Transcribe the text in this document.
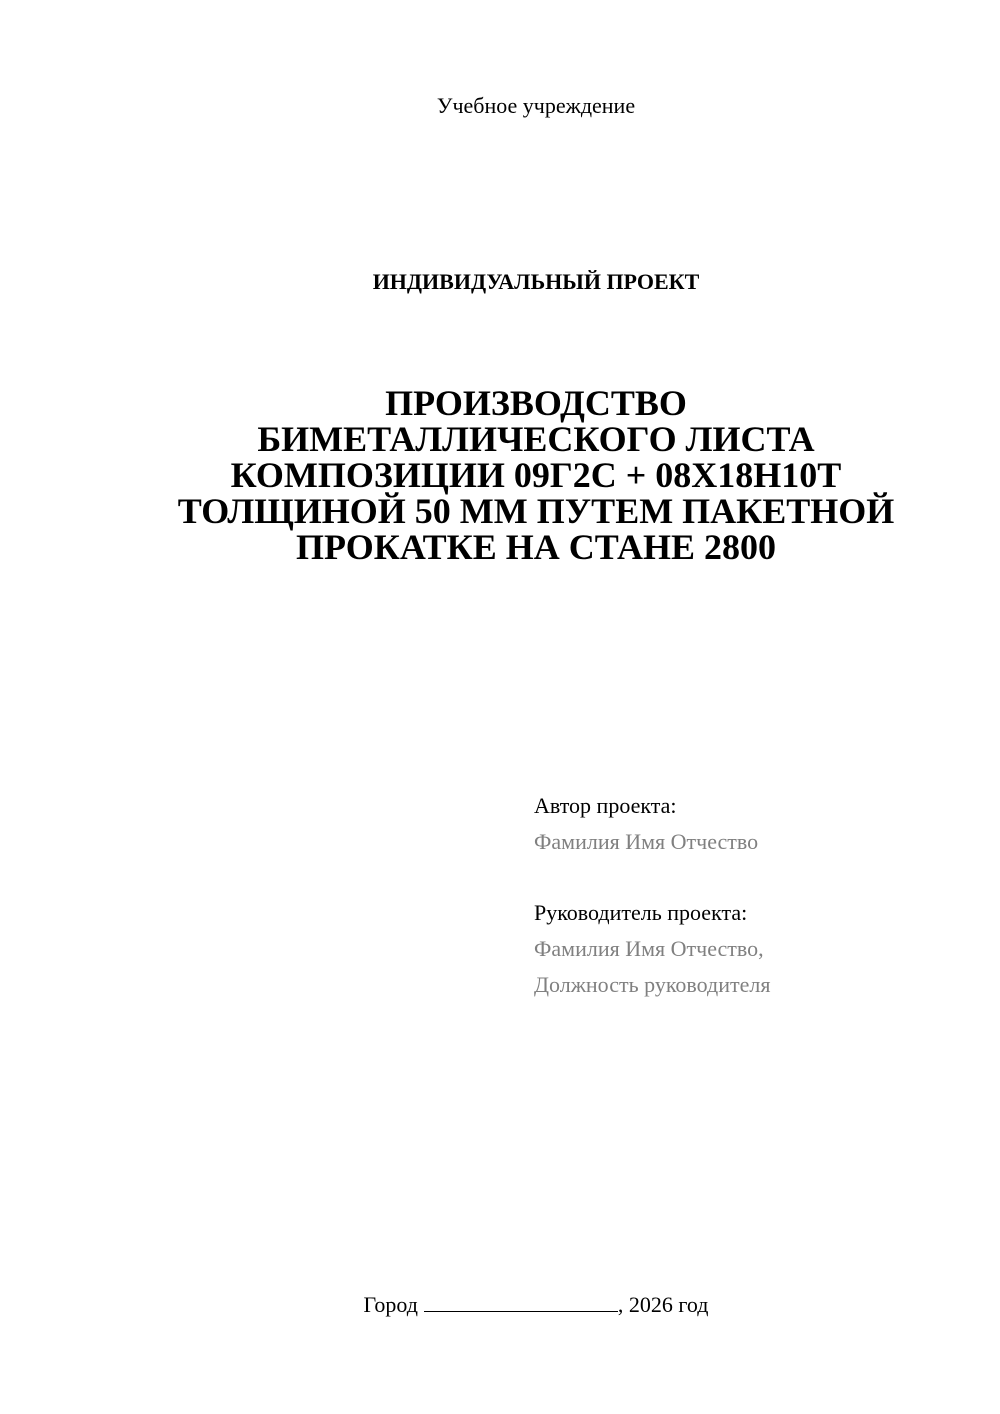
Учебное учреждение
ИНДИВИДУАЛЬНЫЙ ПРОЕКТ
ПРОИЗВОДСТВО
БИМЕТАЛЛИЧЕСКОГО ЛИСТА
КОМПОЗИЦИИ 09Г2С + 08Х18Н10Т
ТОЛЩИНОЙ 50 ММ ПУТЕМ ПАКЕТНОЙ
ПРОКАТКЕ НА СТАНЕ 2800
Автор проекта:
Фамилия Имя Отчество
Руководитель проекта:
Фамилия Имя Отчество,
Должность руководителя
Город	, 2026 год
